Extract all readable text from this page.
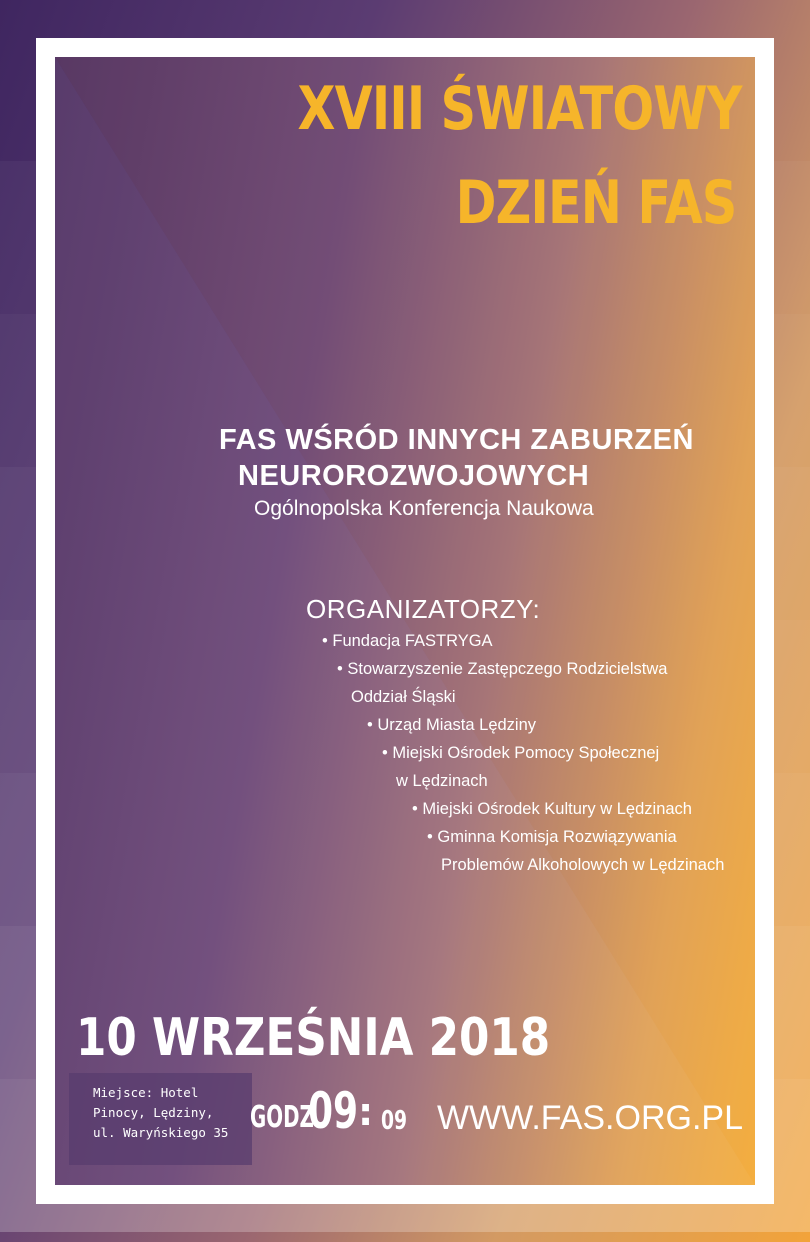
XVIII ŚWIATOWY
DZIEŃ FAS
FAS WŚRÓD INNYCH ZABURZEŃ
NEUROROZWOJOWYCH
Ogólnopolska Konferencja Naukowa
ORGANIZATORZY:
• Fundacja FASTRYGA
• Stowarzyszenie Zastępczego Rodzicielstwa
Oddział Śląski
• Urząd Miasta Lędziny
• Miejski Ośrodek Pomocy Społecznej
w Lędzinach
• Miejski Ośrodek Kultury w Lędzinach
• Gminna Komisja Rozwiązywania
Problemów Alkoholowych w Lędzinach
10 WRZEŚNIA 2018
Miejsce: Hotel
Pinocy, Lędziny,
ul. Waryńskiego 35 GODZ
09 : 09 WWW.FAS.ORG.PL
